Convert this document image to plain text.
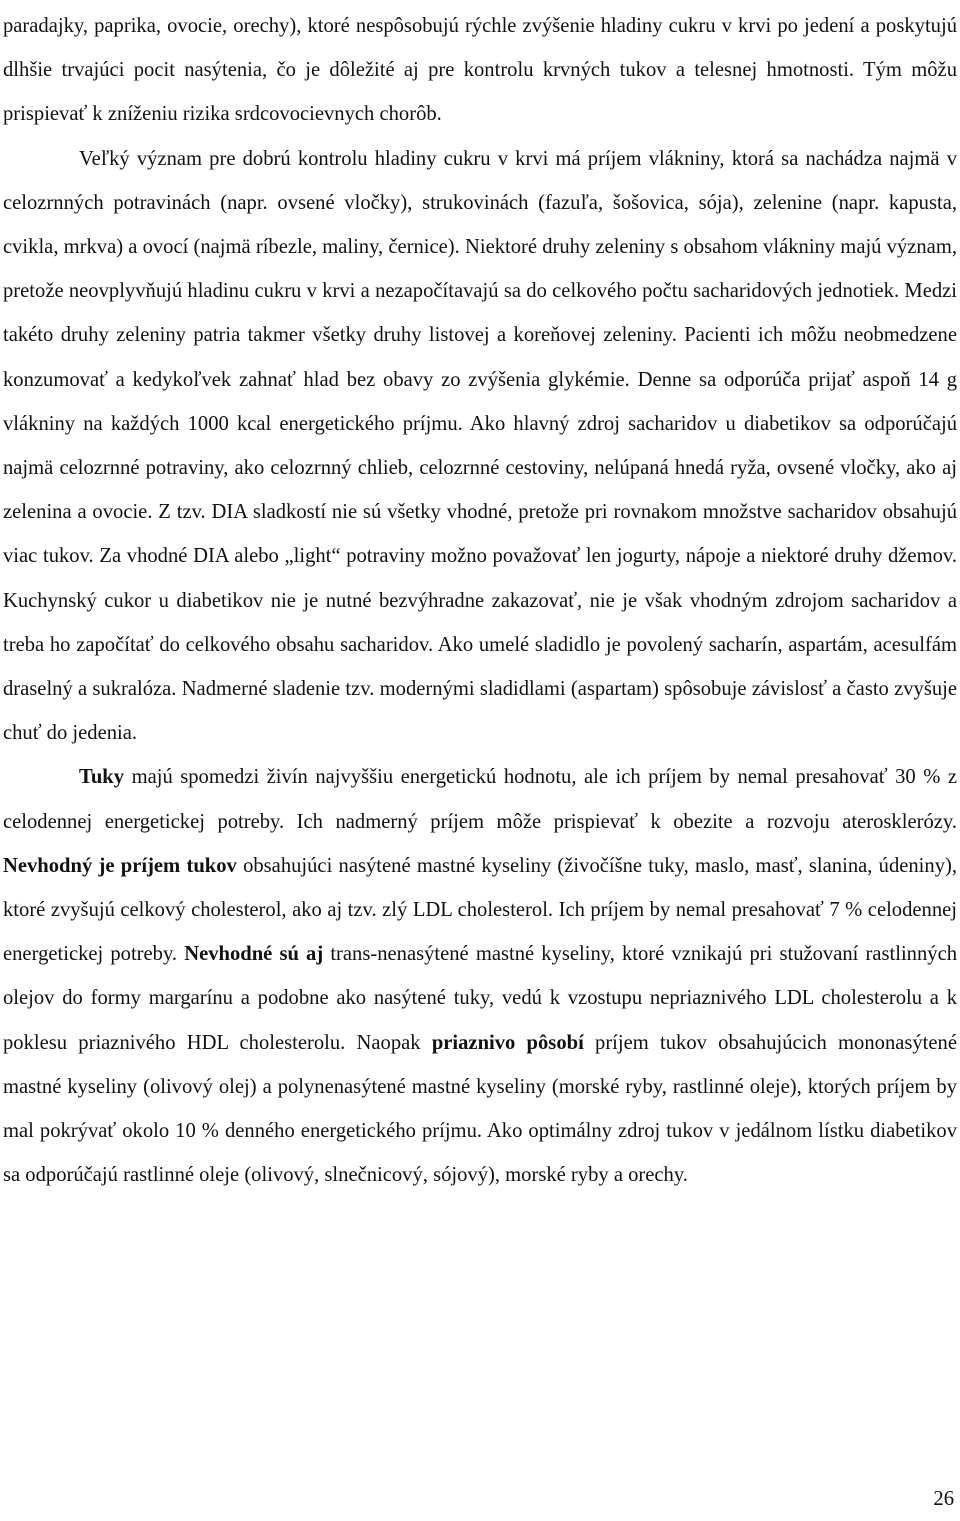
paradajky, paprika, ovocie, orechy), ktoré nespôsobujú rýchle zvýšenie hladiny cukru v krvi po jedení a poskytujú dlhšie trvajúci pocit nasýtenia, čo je dôležité aj pre kontrolu krvných tukov a telesnej hmotnosti. Tým môžu prispievať k zníženiu rizika srdcovocievnych chorôb.

Veľký význam pre dobrú kontrolu hladiny cukru v krvi má príjem vlákniny, ktorá sa nachádza najmä v celozrnných potravinách (napr. ovsené vločky), strukovinách (fazuľa, šošovica, sója), zelenine (napr. kapusta, cvikla, mrkva) a ovocí (najmä ríbezle, maliny, černice). Niektoré druhy zeleniny s obsahom vlákniny majú význam, pretože neovplyvňujú hladinu cukru v krvi a nezapočítavajú sa do celkového počtu sacharidových jednotiek. Medzi takéto druhy zeleniny patria takmer všetky druhy listovej a koreňovej zeleniny. Pacienti ich môžu neobmedzene konzumovať a kedykoľvek zahnať hlad bez obavy zo zvýšenia glykémie. Denne sa odporúča prijať aspoň 14 g vlákniny na každých 1000 kcal energetického príjmu. Ako hlavný zdroj sacharidov u diabetikov sa odporúčajú najmä celozrnné potraviny, ako celozrnný chlieb, celozrnné cestoviny, nelúpaná hnedá ryža, ovsené vločky, ako aj zelenina a ovocie. Z tzv. DIA sladkostí nie sú všetky vhodné, pretože pri rovnakom množstve sacharidov obsahujú viac tukov. Za vhodné DIA alebo „light“ potraviny možno považovať len jogurty, nápoje a niektoré druhy džemov. Kuchynský cukor u diabetikov nie je nutné bezvýhradne zakazovať, nie je však vhodným zdrojom sacharidov a treba ho započítať do celkového obsahu sacharidov. Ako umelé sladidlo je povolený sacharín, aspartám, acesulfám draselný a sukralóza. Nadmerné sladenie tzv. modernými sladidlami (aspartam) spôsobuje závislosť a často zvyšuje chuť do jedenia.

Tuky majú spomedzi živín najvyššiu energetickú hodnotu, ale ich príjem by nemal presahovať 30 % z celodennej energetickej potreby. Ich nadmerný príjem môže prispievať k obezite a rozvoju aterosklerózy. Nevhodný je príjem tukov obsahujúci nasýtené mastné kyseliny (živočíšne tuky, maslo, masť, slanina, údeniny), ktoré zvyšujú celkový cholesterol, ako aj tzv. zlý LDL cholesterol. Ich príjem by nemal presahovať 7 % celodennej energetickej potreby. Nevhodné sú aj trans-nenasýtené mastné kyseliny, ktoré vznikajú pri stužovaní rastlinných olejov do formy margarínu a podobne ako nasýtené tuky, vedú k vzostupu nepriaznivého LDL cholesterolu a k poklesu priaznivého HDL cholesterolu. Naopak priaznivo pôsobí príjem tukov obsahujúcich mononasýtené mastné kyseliny (olivový olej) a polynenasýtené mastné kyseliny (morské ryby, rastlinné oleje), ktorých príjem by mal pokrývať okolo 10 % denného energetického príjmu. Ako optimálny zdroj tukov v jedálnom lístku diabetikov sa odporúčajú rastlinné oleje (olivový, slnečnicový, sójový), morské ryby a orechy.

26
